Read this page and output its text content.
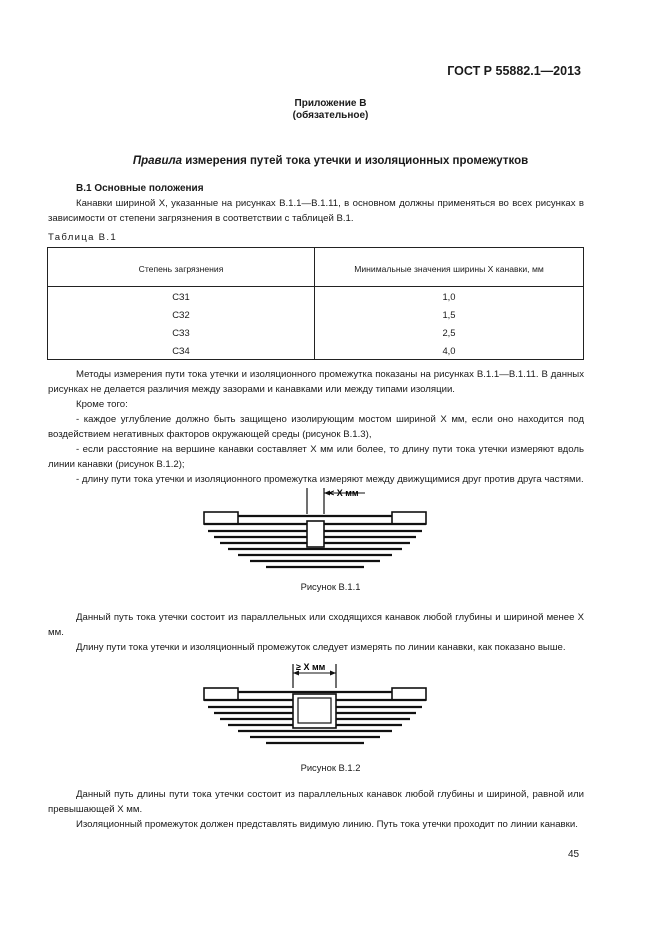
ГОСТ Р 55882.1—2013
Приложение В
(обязательное)
Правила измерения путей тока утечки и изоляционных промежутков
В.1 Основные положения

Канавки шириной X, указанные на рисунках В.1.1—В.1.11, в основном должны применяться во всех рисунках в зависимости от степени загрязнения в соответствии с таблицей В.1.

Таблица В.1
Степень загрязнения	Минимальные значения ширины X канавки, мм
СЗ1	1,0
СЗ2	1,5
СЗ3	2,5
СЗ4	4,0

Методы измерения пути тока утечки и изоляционного промежутка показаны на рисунках В.1.1—В.1.11. В данных рисунках не делается различия между зазорами и канавками или между типами изоляции.

Кроме того:

- каждое углубление должно быть защищено изолирующим мостом шириной X мм, если оно находится под воздействием негативных факторов окружающей среды (рисунок В.1.3),

- если расстояние на вершине канавки составляет X мм или более, то длину пути тока утечки измеряют вдоль линии канавки (рисунок В.1.2);

- длину пути тока утечки и изоляционного промежутка измеряют между движущимися друг против друга частями.

< X мм
Рисунок В.1.1

Данный путь тока утечки состоит из параллельных или сходящихся канавок любой глубины и шириной менее X мм.

Длину пути тока утечки и изоляционный промежуток следует измерять по линии канавки, как показано выше.

≥ X мм
Рисунок В.1.2

Данный путь длины пути тока утечки состоит из параллельных канавок любой глубины и шириной, равной или превышающей X мм.

Изоляционный промежуток должен представлять видимую линию. Путь тока утечки проходит по линии канавки.

45
